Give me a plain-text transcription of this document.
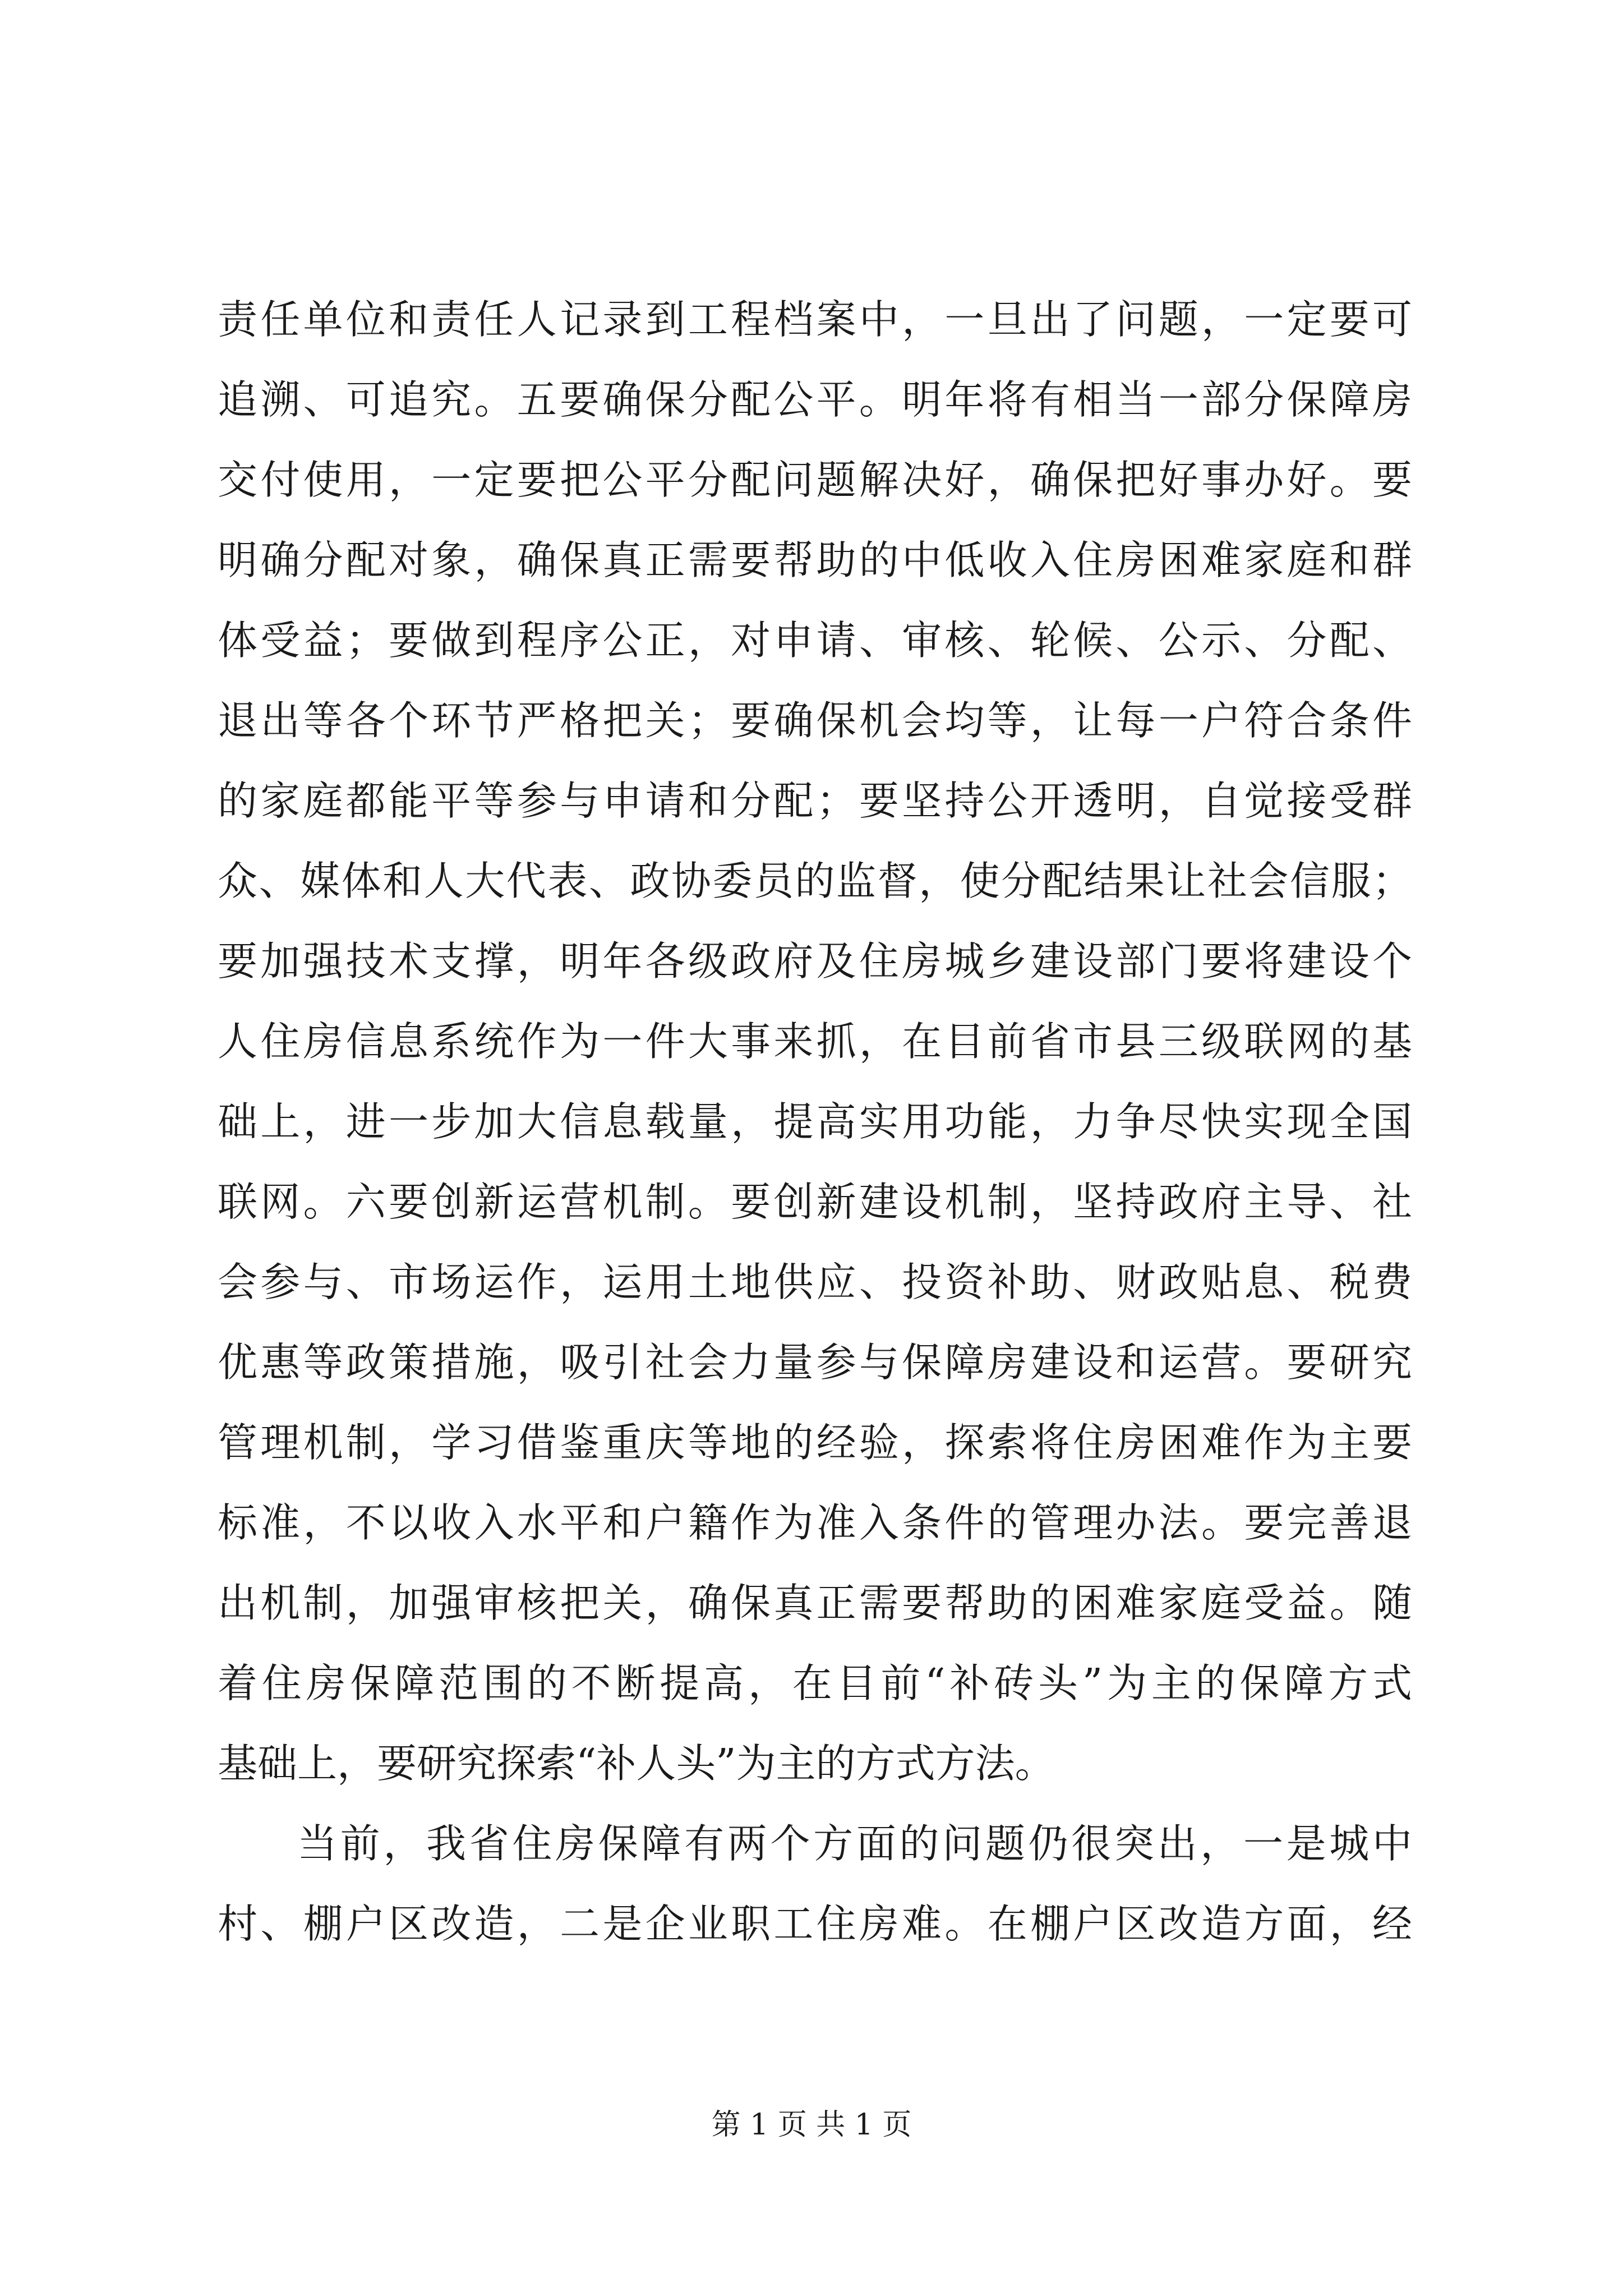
责任单位和责任人记录到工程档案中，一旦出了问题，一定要可
追溯、可追究。五要确保分配公平。明年将有相当一部分保障房
交付使用，一定要把公平分配问题解决好，确保把好事办好。要
明确分配对象，确保真正需要帮助的中低收入住房困难家庭和群
体受益；要做到程序公正，对申请、审核、轮候、公示、分配、
退出等各个环节严格把关；要确保机会均等，让每一户符合条件
的家庭都能平等参与申请和分配；要坚持公开透明，自觉接受群
众、媒体和人大代表、政协委员的监督，使分配结果让社会信服；
要加强技术支撑，明年各级政府及住房城乡建设部门要将建设个
人住房信息系统作为一件大事来抓，在目前省市县三级联网的基
础上，进一步加大信息载量，提高实用功能，力争尽快实现全国
联网。六要创新运营机制。要创新建设机制，坚持政府主导、社
会参与、市场运作，运用土地供应、投资补助、财政贴息、税费
优惠等政策措施，吸引社会力量参与保障房建设和运营。要研究
管理机制，学习借鉴重庆等地的经验，探索将住房困难作为主要
标准，不以收入水平和户籍作为准入条件的管理办法。要完善退
出机制，加强审核把关，确保真正需要帮助的困难家庭受益。随
着住房保障范围的不断提高，在目前“补砖头”为主的保障方式
基础上，要研究探索“补人头”为主的方式方法。
当前，我省住房保障有两个方面的问题仍很突出，一是城中
村、棚户区改造，二是企业职工住房难。在棚户区改造方面，经
第 1 页 共 1 页
